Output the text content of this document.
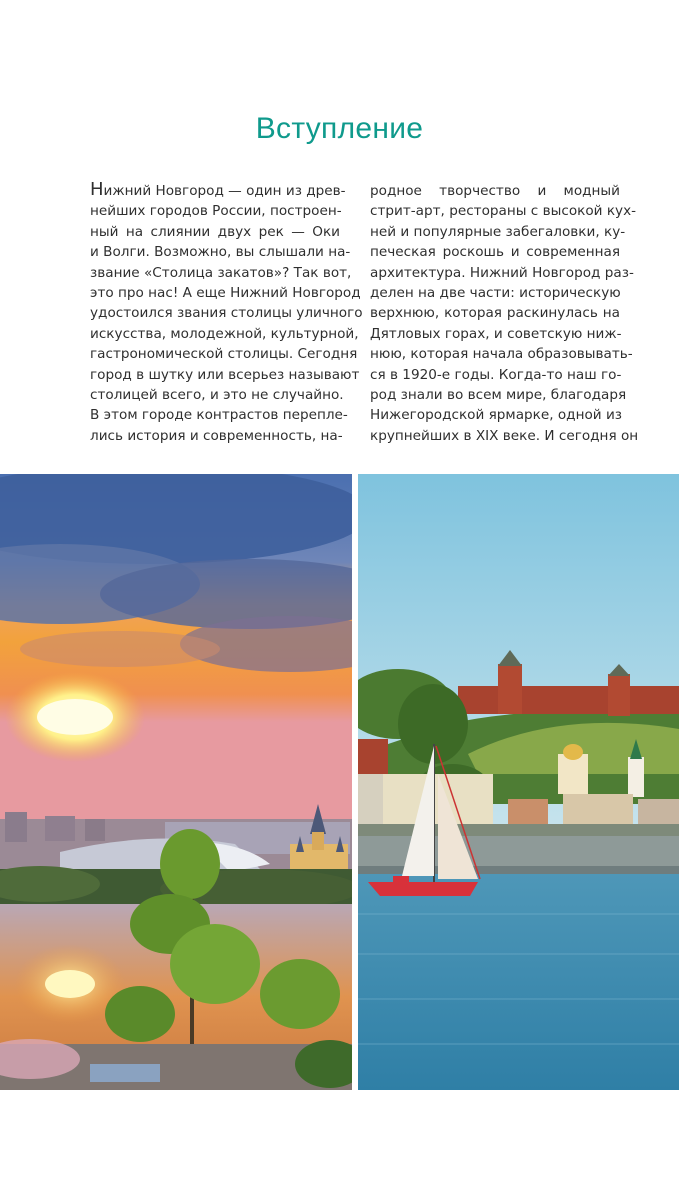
Вступление
Нижний Новгород — один из древ-
нейших городов России, построен-
ный на слиянии двух рек — Оки
и Волги. Возможно, вы слышали на-
звание «Столица закатов»? Так вот,
это про нас! А еще Нижний Новгород
удостоился звания столицы уличного
искусства, молодежной, культурной,
гастрономической столицы. Сегодня
город в шутку или всерьез называют
столицей всего, и это не случайно.
В этом городе контрастов перепле-
лись история и современность, на-
родное творчество и модный
стрит-арт, рестораны с высокой кух-
ней и популярные забегаловки, ку-
печеская роскошь и современная
архитектура. Нижний Новгород раз-
делен на две части: историческую
верхнюю, которая раскинулась на
Дятловых горах, и советскую ниж-
нюю, которая начала образовывать-
ся в 1920-е годы. Когда-то наш го-
род знали во всем мире, благодаря
Нижегородской ярмарке, одной из
крупнейших в XIX веке. И сегодня он
